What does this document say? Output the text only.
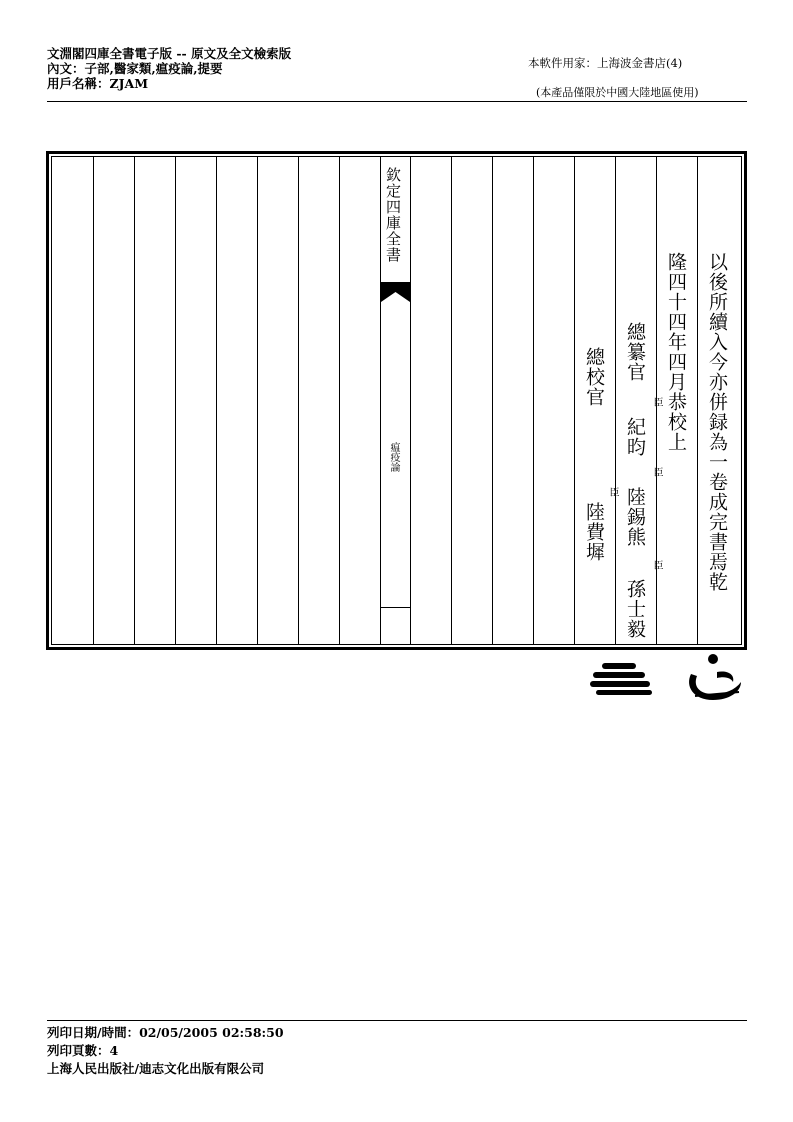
文淵閣四庫全書電子版 -- 原文及全文檢索版
內文：子部,醫家類,瘟疫論,提要
用戶名稱：ZJAM
本軟件用家：上海波金書店(4)
(本產品僅限於中國大陸地區使用)
欽定四庫全書
瘟疫論	以後所續入今亦併録為一卷成完書焉乾
隆四十四年四月恭校上
總纂官
臣
紀昀
臣
陸錫熊
臣
孫士毅
總校官
臣
陸費墀
列印日期/時間：02/05/2005 02:58:50
列印頁數：4
上海人民出版社/迪志文化出版有限公司
